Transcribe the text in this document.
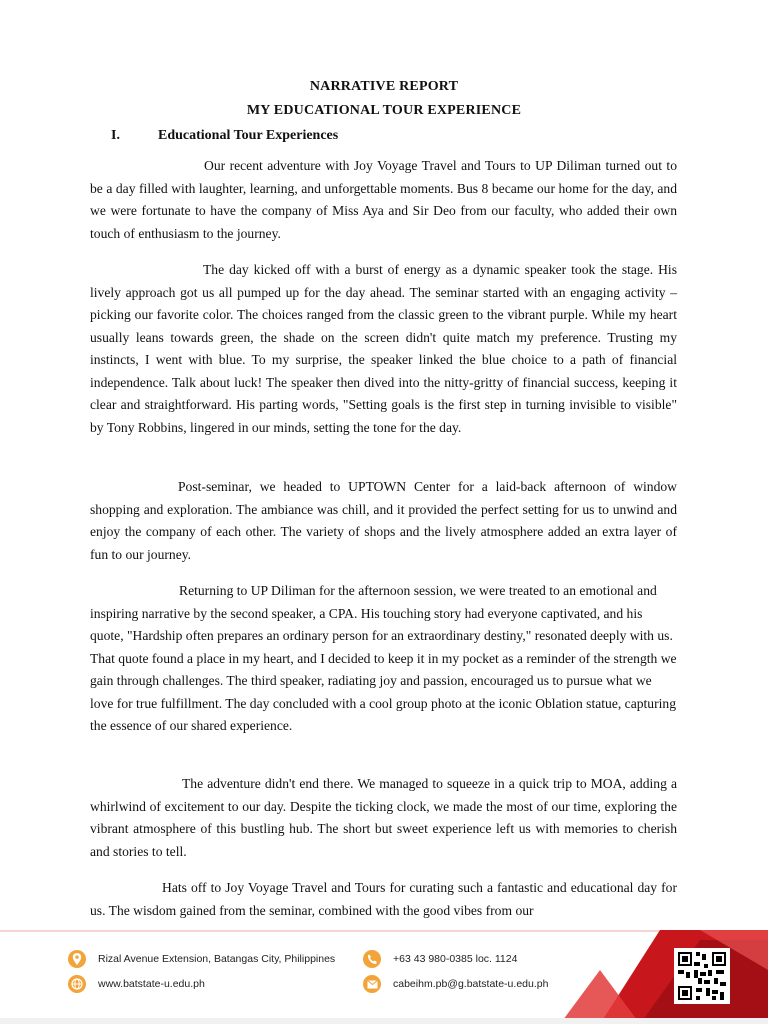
NARRATIVE REPORT
MY EDUCATIONAL TOUR EXPERIENCE
I.	Educational Tour Experiences

Our recent adventure with Joy Voyage Travel and Tours to UP Diliman turned out to be a day filled with laughter, learning, and unforgettable moments. Bus 8 became our home for the day, and we were fortunate to have the company of Miss Aya and Sir Deo from our faculty, who added their own touch of enthusiasm to the journey.

The day kicked off with a burst of energy as a dynamic speaker took the stage. His lively approach got us all pumped up for the day ahead. The seminar started with an engaging activity – picking our favorite color. The choices ranged from the classic green to the vibrant purple. While my heart usually leans towards green, the shade on the screen didn't quite match my preference. Trusting my instincts, I went with blue. To my surprise, the speaker linked the blue choice to a path of financial independence. Talk about luck! The speaker then dived into the nitty-gritty of financial success, keeping it clear and straightforward. His parting words, "Setting goals is the first step in turning invisible to visible" by Tony Robbins, lingered in our minds, setting the tone for the day.

Post-seminar, we headed to UPTOWN Center for a laid-back afternoon of window shopping and exploration. The ambiance was chill, and it provided the perfect setting for us to unwind and enjoy the company of each other. The variety of shops and the lively atmosphere added an extra layer of fun to our journey.

Returning to UP Diliman for the afternoon session, we were treated to an emotional and inspiring narrative by the second speaker, a CPA. His touching story had everyone captivated, and his quote, "Hardship often prepares an ordinary person for an extraordinary destiny," resonated deeply with us. That quote found a place in my heart, and I decided to keep it in my pocket as a reminder of the strength we gain through challenges. The third speaker, radiating joy and passion, encouraged us to pursue what we love for true fulfillment. The day concluded with a cool group photo at the iconic Oblation statue, capturing the essence of our shared experience.

The adventure didn't end there. We managed to squeeze in a quick trip to MOA, adding a whirlwind of excitement to our day. Despite the ticking clock, we made the most of our time, exploring the vibrant atmosphere of this bustling hub. The short but sweet experience left us with memories to cherish and stories to tell.

Hats off to Joy Voyage Travel and Tours for curating such a fantastic and educational day for us. The wisdom gained from the seminar, combined with the good vibes from our

Rizal Avenue Extension, Batangas City, Philippines
www.batstate-u.edu.ph
+63 43 980-0385 loc. 1124
cabeihm.pb@g.batstate-u.edu.ph
